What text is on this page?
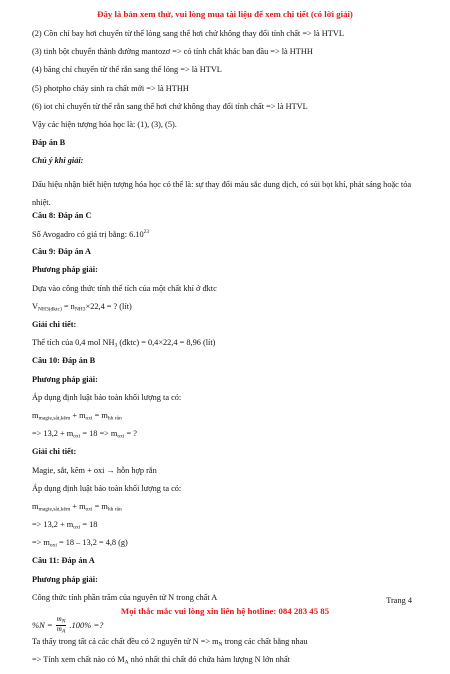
Đây là bản xem thử, vui lòng mua tài liệu để xem chi tiết (có lời giải)
(2) Cồn chỉ bay hơi chuyển từ thể lỏng sang thể hơi chứ không thay đổi tính chất => là HTVL
(3) tinh bột chuyển thành đường mantozơ => có tính chất khác ban đầu => là HTHH
(4) băng chỉ chuyển từ thể rắn sang thể lỏng => là HTVL
(5) photpho cháy sinh ra chất mới => là HTHH
(6) iot chỉ chuyển từ thể rắn sang thể hơi chứ không thay đổi tính chất => là HTVL
Vậy các hiện tượng hóa học là: (1), (3), (5).
Đáp án B
Chú ý khi giải:
Dấu hiệu nhận biết hiện tượng hóa học có thể là: sự thay đổi màu sắc dung dịch, có sủi bọt khí, phát sáng hoặc tỏa nhiệt.
Câu 8: Đáp án C
Số Avogadro có giá trị bằng: 6.10$^{23}$
Câu 9: Đáp án A
Phương pháp giải:
Dựa vào công thức tính thể tích của một chất khí ở đktc
$V_{NH3(đktc)} = n_{NH3}\times 22,4$ = ? (lít)
Giải chi tiết:
Thể tích của 0,4 mol $NH_3$ (đktc) = 0,4×22,4 = 8,96 (lít)
Câu 10: Đáp án B
Phương pháp giải:
Áp dụng định luật bảo toàn khối lượng ta có:
$m_{magie,sắt,kẽm} + m_{oxi} = m_{hh rắn}$
=> $13,2 + m_{oxi} = 18 => m_{oxi}$ = ?
Giải chi tiết:
Magie, sắt, kẽm + oxi → hỗn hợp rắn
Áp dụng định luật bảo toàn khối lượng ta có:
$m_{magie,sắt,kẽm} + m_{oxi} = m_{hh rắn}$
=> $13,2 + m_{oxi} = 18$
=> $m_{oxi} = 18 - 13,2 = 4,8$ (g)
Câu 11: Đáp án A
Phương pháp giải:
Công thức tính phần trăm của nguyên tử N trong chất A
$\%N = \frac{m_N}{m_A} .100\%$ =?
Ta thấy trong tất cả các chất đều có 2 nguyên tử $N => m_N$ trong các chất bằng nhau
=> Tính xem chất nào có $M_A$ nhỏ nhất thì chất đó chứa hàm lượng N lớn nhất
Trang 4
Mọi thắc mắc vui lòng xin liên hệ hotline: 084 283 45 85
